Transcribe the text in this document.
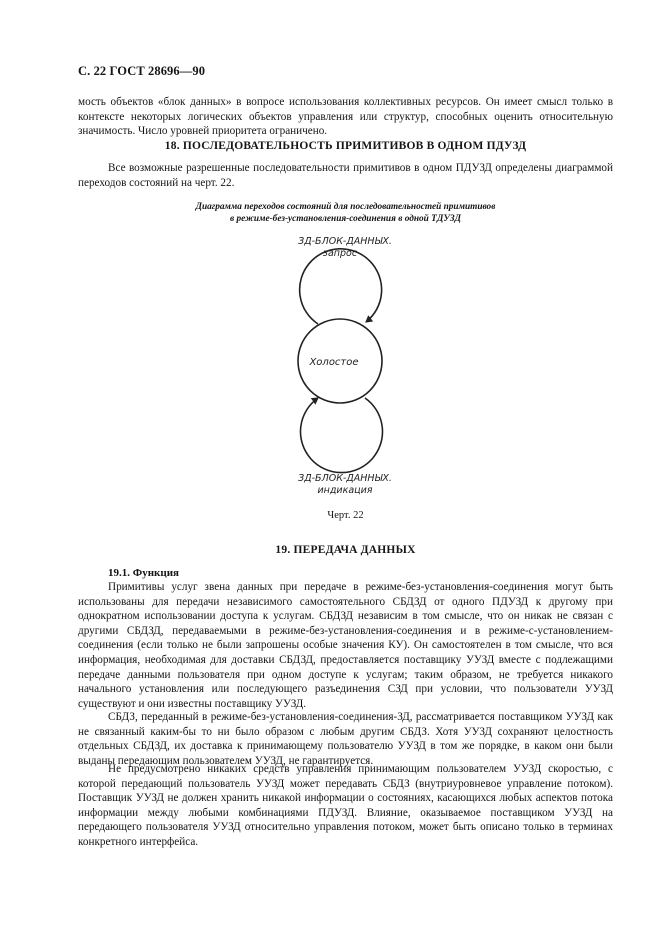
С. 22 ГОСТ 28696—90
мость объектов «блок данных» в вопросе использования коллективных ресурсов. Он имеет смысл только в контексте некоторых логических объектов управления или структур, способных оценить относительную значимость. Число уровней приоритета ограничено.
18. ПОСЛЕДОВАТЕЛЬНОСТЬ ПРИМИТИВОВ В ОДНОМ ПДУЗД
Все возможные разрешенные последовательности примитивов в одном ПДУЗД определены диаграммой переходов состояний на черт. 22.
Диаграмма переходов состояний для последовательностей примитивов
в режиме-без-установления-соединения в одной ТДУЗД
ЗД-БЛОК-ДАННЫХ.
запрос
Холостое
ЗД-БЛОК-ДАННЫХ.
индикация
Черт. 22
19. ПЕРЕДАЧА ДАННЫХ
19.1. Функция
Примитивы услуг звена данных при передаче в режиме-без-установления-соединения могут быть использованы для передачи независимого самостоятельного СБДЗД от одного ПДУЗД к другому при однократном использовании доступа к услугам. СБДЗД независим в том смысле, что он никак не связан с другими СБДЗД, передаваемыми в режиме-без-установления-соединения и в режиме-с-установлением-соединения (если только не были запрошены особые значения КУ). Он самостоятелен в том смысле, что вся информация, необходимая для доставки СБДЗД, предоставляется поставщику УУЗД вместе с подлежащими передаче данными пользователя при одном доступе к услугам; таким образом, не требуется никакого начального установления или последующего разъединения СЗД при условии, что пользователи УУЗД существуют и они известны поставщику УУЗД.
СБДЗ, переданный в режиме-без-установления-соединения-ЗД, рассматривается поставщиком УУЗД как не связанный каким-бы то ни было образом с любым другим СБДЗ. Хотя УУЗД сохраняют целостность отдельных СБДЗД, их доставка к принимающему пользователю УУЗД в том же порядке, в каком они были выданы передающим пользователем УУЗД, не гарантируется.
Не предусмотрено никаких средств управления принимающим пользователем УУЗД скоростью, с которой передающий пользователь УУЗД может передавать СБДЗ (внутриуровневое управление потоком). Поставщик УУЗД не должен хранить никакой информации о состояниях, касающихся любых аспектов потока информации между любыми комбинациями ПДУЗД. Влияние, оказываемое поставщиком УУЗД на передающего пользователя УУЗД относительно управления потоком, может быть описано только в терминах конкретного интерфейса.
